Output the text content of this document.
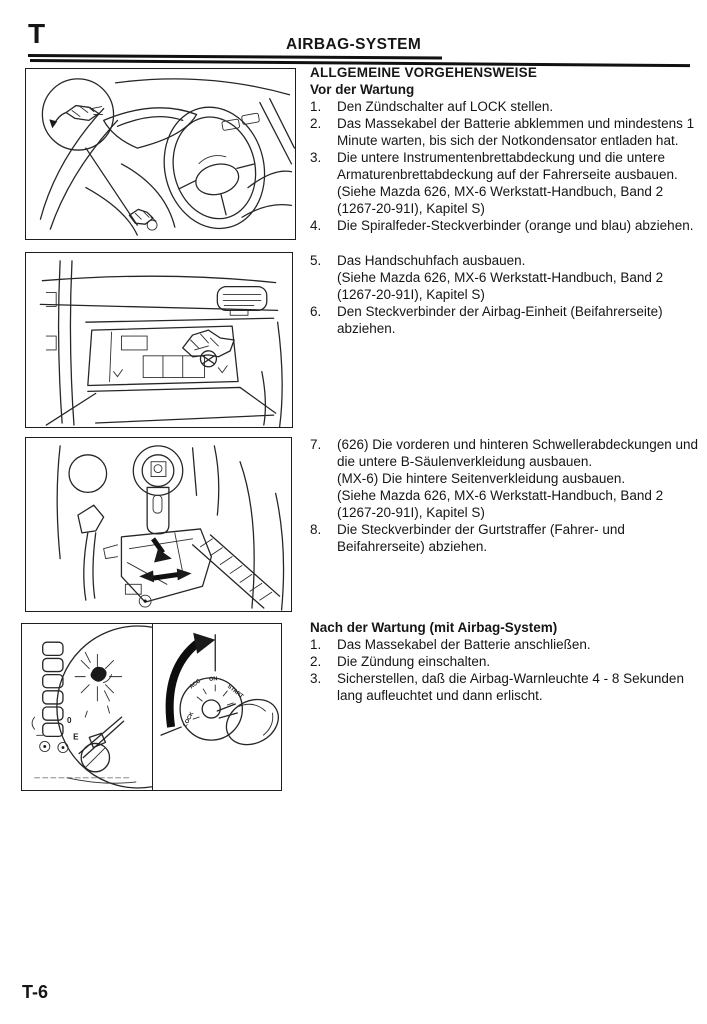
T	AIRBAG-SYSTEM
0
E
LOCK
ACC ON
START
ALLGEMEINE VORGEHENSWEISE
Vor der Wartung
1.	Den Zündschalter auf LOCK stellen.
2.	Das Massekabel der Batterie abklemmen und mindestens 1 Minute warten, bis sich der Notkondensator entladen hat.
3.	Die untere Instrumentenbrettabdeckung und die untere Armaturenbrettabdeckung auf der Fahrerseite ausbauen.
(Siehe Mazda 626, MX-6 Werkstatt-Handbuch, Band 2 (1267-20-91I), Kapitel S)
4.	Die Spiralfeder-Steckverbinder (orange und blau) abziehen.
5.	Das Handschuhfach ausbauen.
(Siehe Mazda 626, MX-6 Werkstatt-Handbuch, Band 2 (1267-20-91I), Kapitel S)
6.	Den Steckverbinder der Airbag-Einheit (Beifahrerseite) abziehen.
7.	(626) Die vorderen und hinteren Schwellerabdeckungen und die untere B-Säulenverkleidung ausbauen.
(MX-6) Die hintere Seitenverkleidung ausbauen.
(Siehe Mazda 626, MX-6 Werkstatt-Handbuch, Band 2 (1267-20-91I), Kapitel S)
8.	Die Steckverbinder der Gurtstraffer (Fahrer- und Beifahrerseite) abziehen.
Nach der Wartung (mit Airbag-System)
1.	Das Massekabel der Batterie anschließen.
2.	Die Zündung einschalten.
3.	Sicherstellen, daß die Airbag-Warnleuchte 4 - 8 Sekunden lang aufleuchtet und dann erlischt.
T-6
